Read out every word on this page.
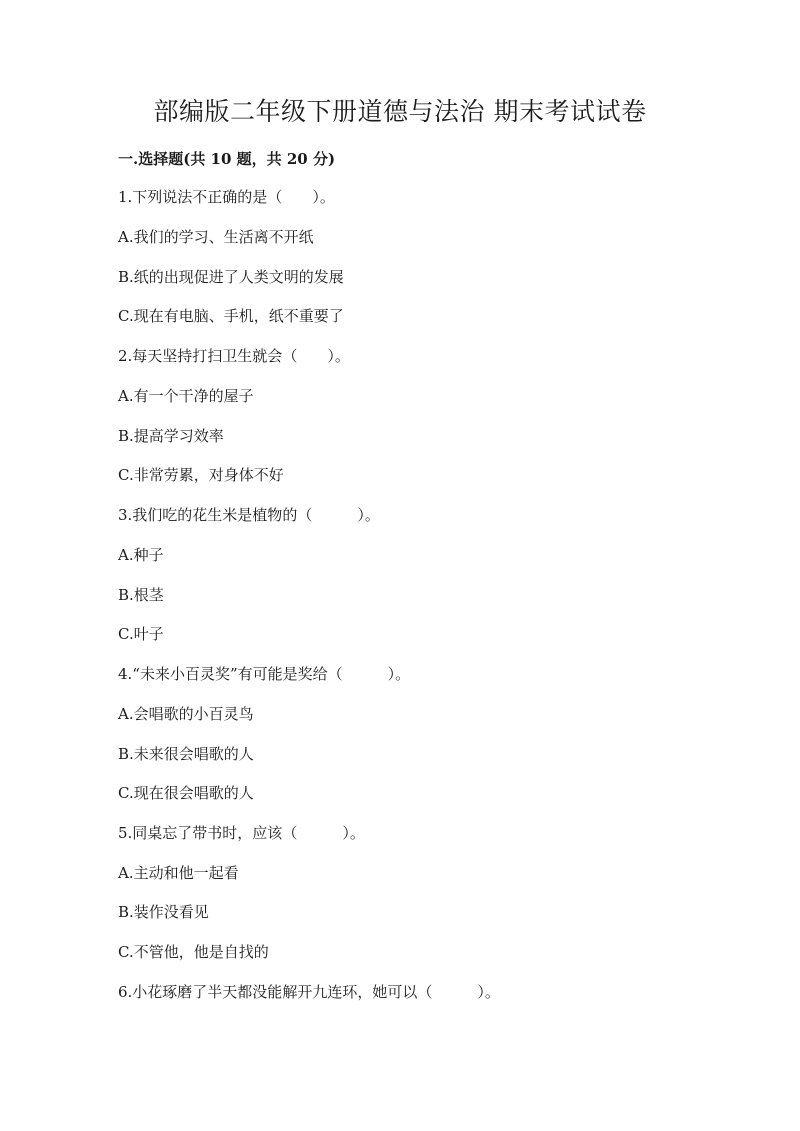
部编版二年级下册道德与法治 期末考试试卷
一.选择题(共 10 题，共 20 分)
1.下列说法不正确的是（　　）。
A.我们的学习、生活离不开纸
B.纸的出现促进了人类文明的发展
C.现在有电脑、手机，纸不重要了
2.每天坚持打扫卫生就会（　　）。
A.有一个干净的屋子
B.提高学习效率
C.非常劳累，对身体不好
3.我们吃的花生米是植物的（　　　）。
A.种子
B.根茎
C.叶子
4.“未来小百灵奖”有可能是奖给（　　　）。
A.会唱歌的小百灵鸟
B.未来很会唱歌的人
C.现在很会唱歌的人
5.同桌忘了带书时，应该（　　　）。
A.主动和他一起看
B.装作没看见
C.不管他，他是自找的
6.小花琢磨了半天都没能解开九连环，她可以（　　　）。
